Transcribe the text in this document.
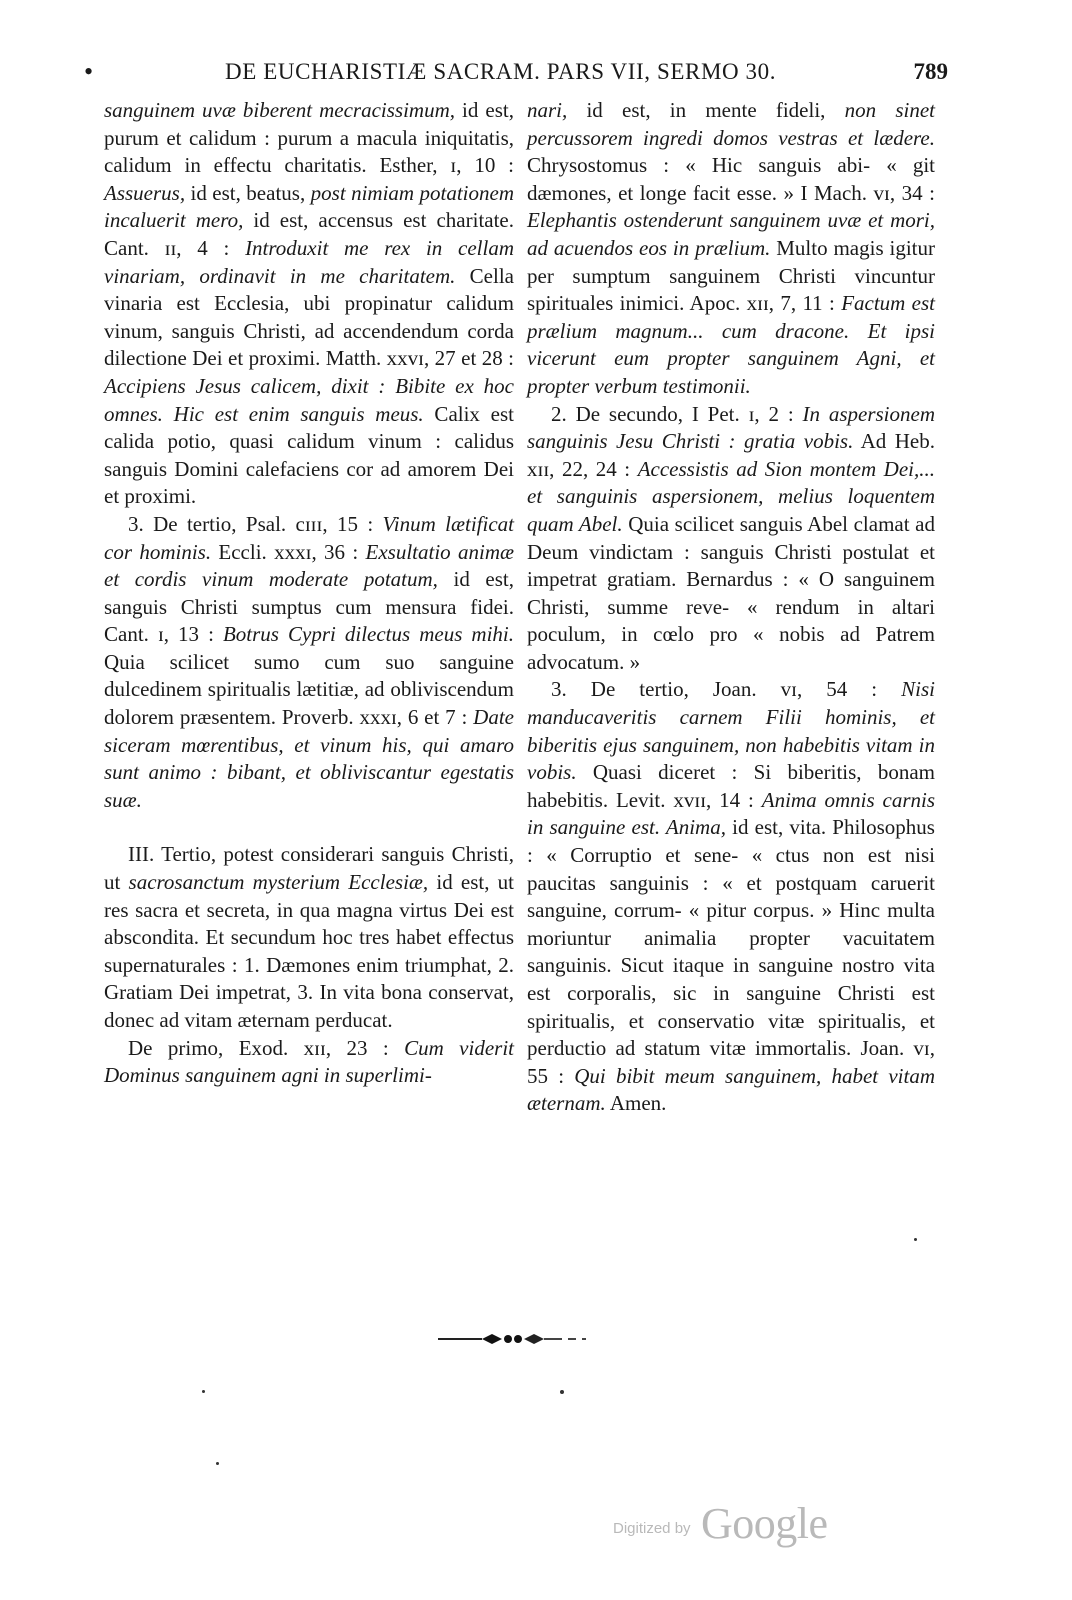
•	DE EUCHARISTIÆ SACRAM. PARS VII, SERMO 30.	789

sanguinem uvæ biberent mecracissimum, id est, purum et calidum : purum a macula iniquitatis, calidum in effectu charitatis. Esther, ɪ, 10 : Assuerus, id est, beatus, post nimiam potationem incaluerit mero, id est, accensus est charitate. Cant. ɪɪ, 4 : Introduxit me rex in cellam vinariam, ordinavit in me charitatem. Cella vinaria est Ecclesia, ubi propinatur calidum vinum, sanguis Christi, ad accendendum corda dilectione Dei et proximi. Matth. xxvɪ, 27 et 28 : Accipiens Jesus calicem, dixit : Bibite ex hoc omnes. Hic est enim sanguis meus. Calix est calida potio, quasi calidum vinum : calidus sanguis Domini calefaciens cor ad amorem Dei et proximi.

3. De tertio, Psal. cɪɪɪ, 15 : Vinum lætificat cor hominis. Eccli. xxxɪ, 36 : Exsultatio animæ et cordis vinum moderate potatum, id est, sanguis Christi sumptus cum mensura fidei. Cant. ɪ, 13 : Botrus Cypri dilectus meus mihi. Quia scilicet sumo cum suo sanguine dulcedinem spiritualis lætitiæ, ad obliviscendum dolorem præsentem. Proverb. xxxɪ, 6 et 7 : Date siceram mœrentibus, et vinum his, qui amaro sunt animo : bibant, et obliviscantur egestatis suæ.

III. Tertio, potest considerari sanguis Christi, ut sacrosanctum mysterium Ecclesiæ, id est, ut res sacra et secreta, in qua magna virtus Dei est abscondita. Et secundum hoc tres habet effectus supernaturales : 1. Dæmones enim triumphat, 2. Gratiam Dei impetrat, 3. In vita bona conservat, donec ad vitam æternam perducat.

De primo, Exod. xɪɪ, 23 : Cum viderit Dominus sanguinem agni in superlimi-

nari, id est, in mente fideli, non sinet percussorem ingredi domos vestras et lædere. Chrysostomus : « Hic sanguis abi- « git dæmones, et longe facit esse. » I Mach. vɪ, 34 : Elephantis ostenderunt sanguinem uvæ et mori, ad acuendos eos in prælium. Multo magis igitur per sumptum sanguinem Christi vincuntur spirituales inimici. Apoc. xɪɪ, 7, 11 : Factum est prælium magnum... cum dracone. Et ipsi vicerunt eum propter sanguinem Agni, et propter verbum testimonii.

2. De secundo, I Pet. ɪ, 2 : In aspersionem sanguinis Jesu Christi : gratia vobis. Ad Heb. xɪɪ, 22, 24 : Accessistis ad Sion montem Dei,... et sanguinis aspersionem, melius loquentem quam Abel. Quia scilicet sanguis Abel clamat ad Deum vindictam : sanguis Christi postulat et impetrat gratiam. Bernardus : « O sanguinem Christi, summe reve- « rendum in altari poculum, in cœlo pro « nobis ad Patrem advocatum. »

3. De tertio, Joan. vɪ, 54 : Nisi manducaveritis carnem Filii hominis, et biberitis ejus sanguinem, non habebitis vitam in vobis. Quasi diceret : Si biberitis, bonam habebitis. Levit. xvɪɪ, 14 : Anima omnis carnis in sanguine est. Anima, id est, vita. Philosophus : « Corruptio et sene- « ctus non est nisi paucitas sanguinis : « et postquam caruerit sanguine, corrum- « pitur corpus. » Hinc multa moriuntur animalia propter vacuitatem sanguinis. Sicut itaque in sanguine nostro vita est corporalis, sic in sanguine Christi est spiritualis, et conservatio vitæ spiritualis, et perductio ad statum vitæ immortalis. Joan. vɪ, 55 : Qui bibit meum sanguinem, habet vitam æternam. Amen.

Digitized by Google
